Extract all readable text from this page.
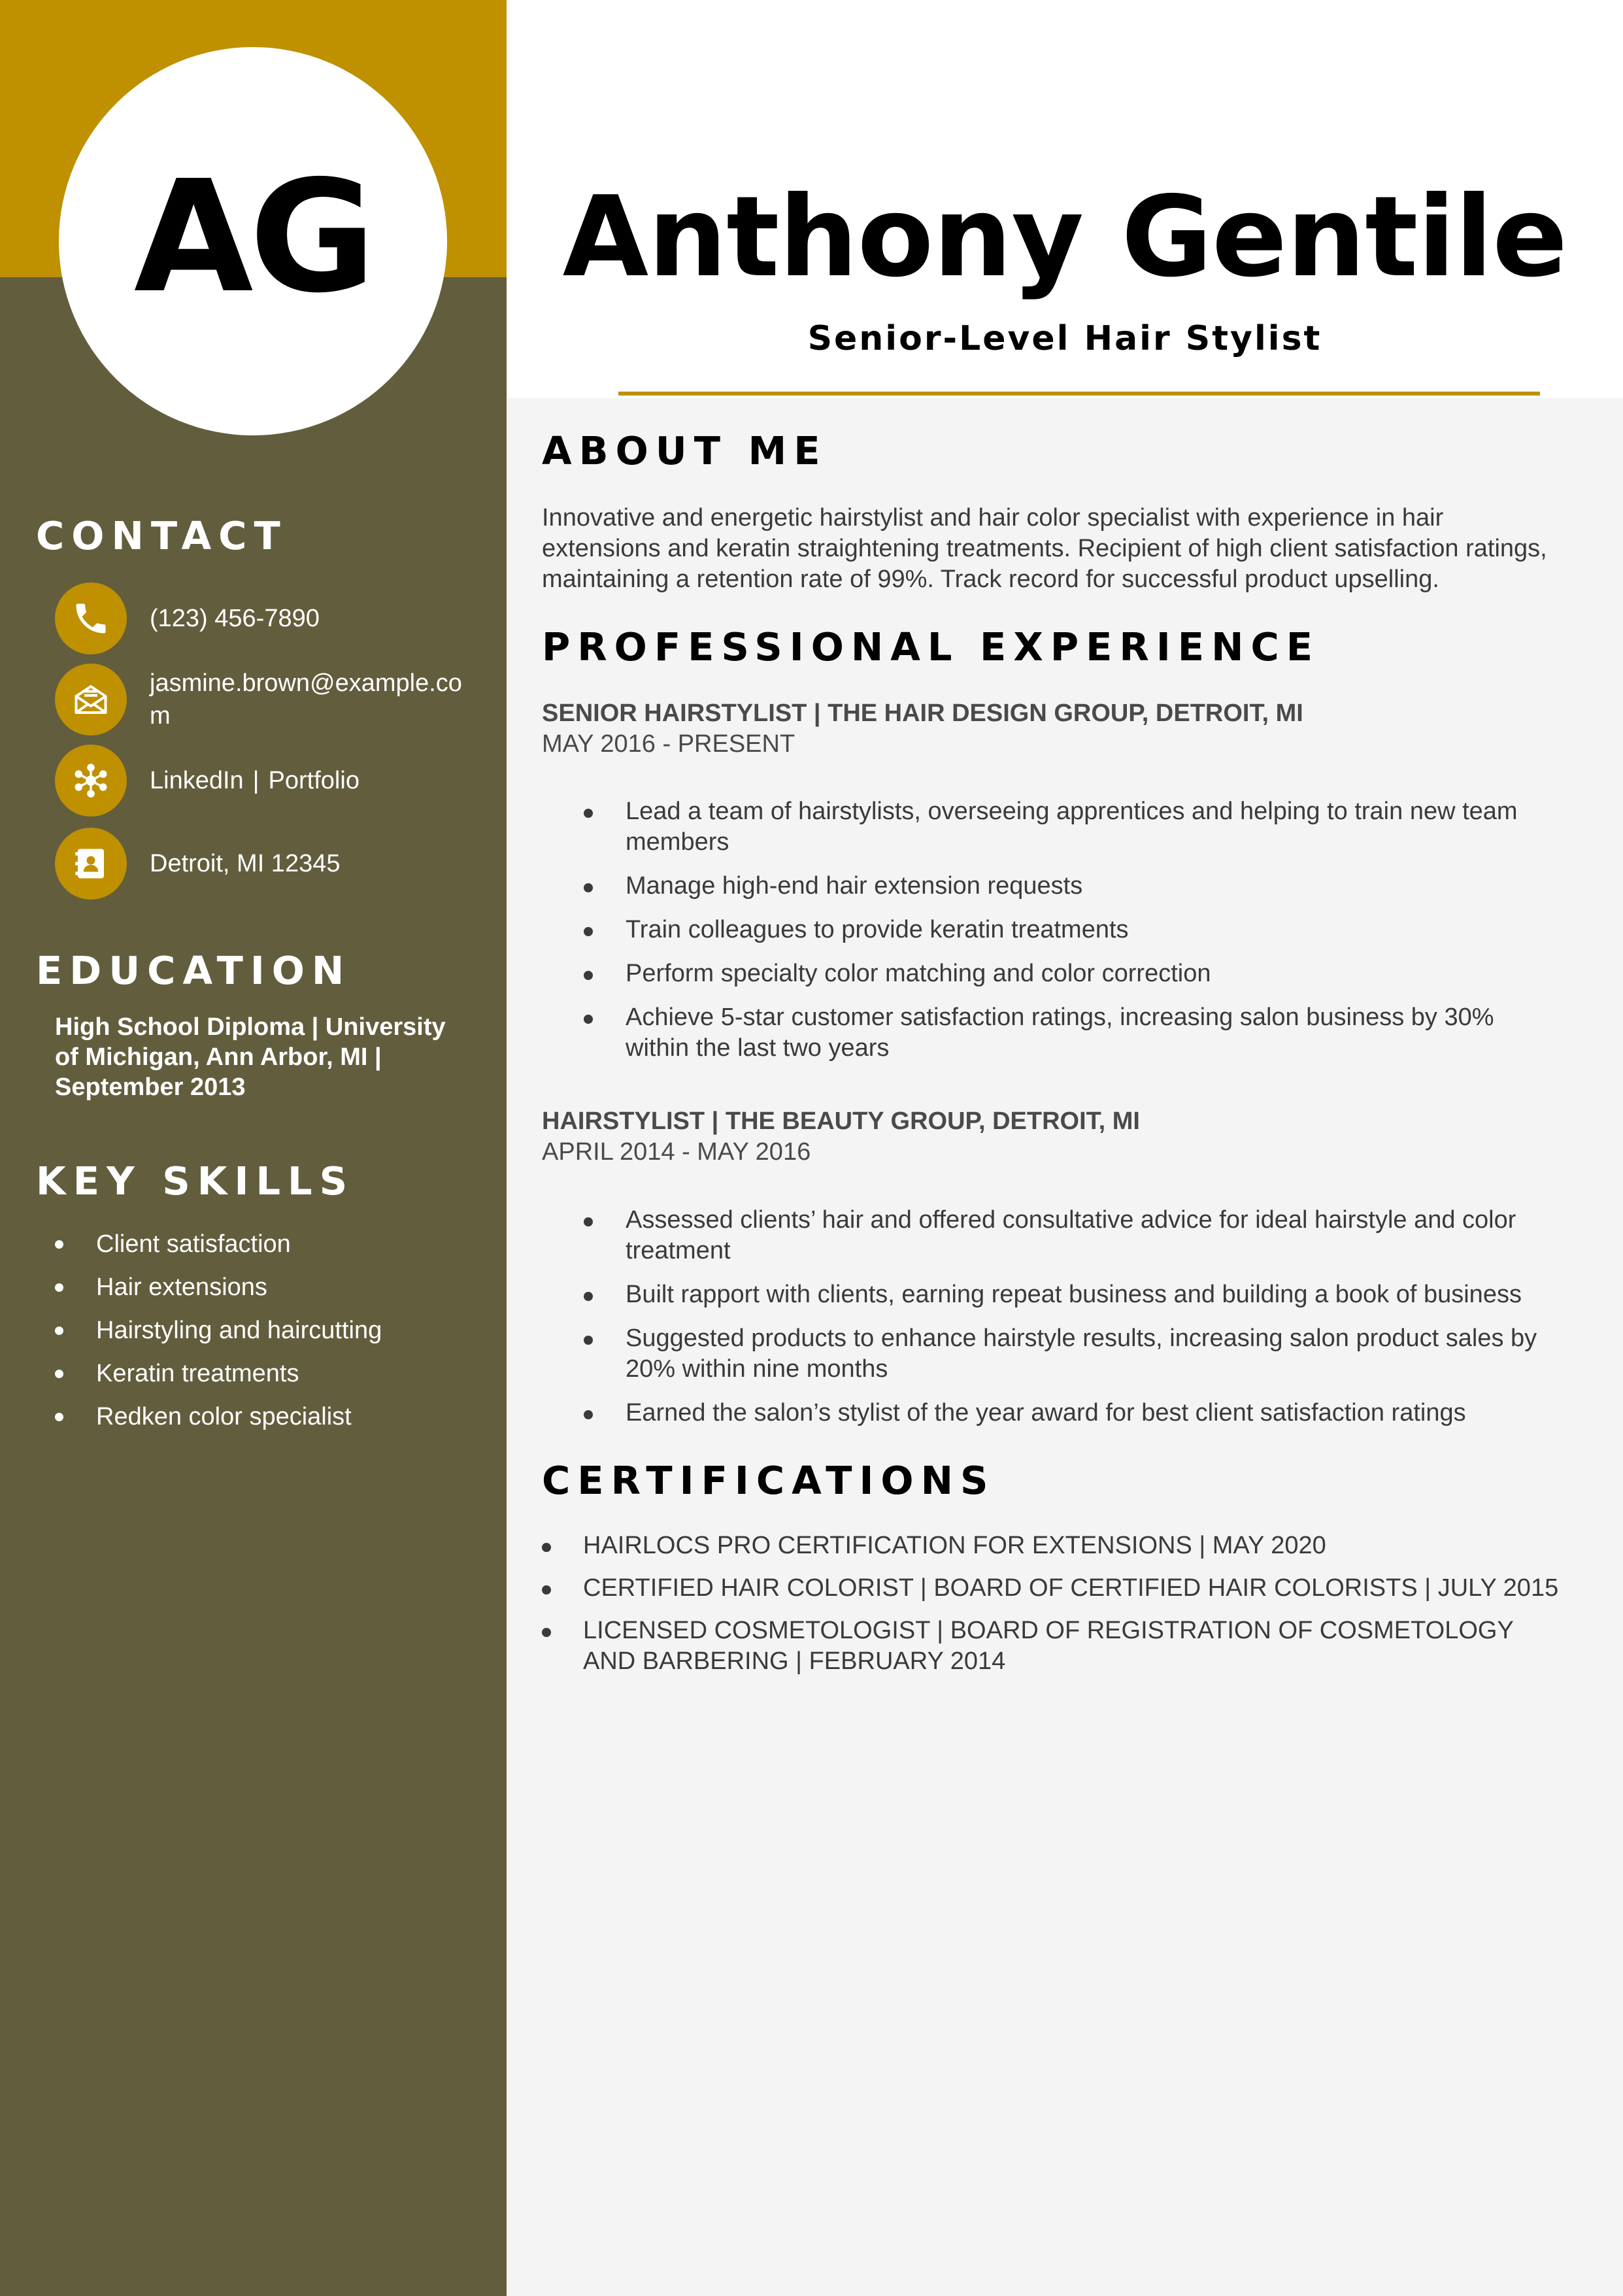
AG
CONTACT
(123) 456-7890
jasmine.brown@example.com
LinkedIn | Portfolio
Detroit, MI 12345
EDUCATION

High School Diploma | University of Michigan, Ann Arbor, MI | September 2013

KEY SKILLS
Client satisfaction
Hair extensions
Hairstyling and haircutting
Keratin treatments
Redken color specialist
Anthony Gentile
Senior-Level Hair Stylist
ABOUT ME

Innovative and energetic hairstylist and hair color specialist with experience in hair extensions and keratin straightening treatments. Recipient of high client satisfaction ratings, maintaining a retention rate of 99%. Track record for successful product upselling.

PROFESSIONAL EXPERIENCE
SENIOR HAIRSTYLIST | THE HAIR DESIGN GROUP, DETROIT, MI
MAY 2016 - PRESENT
Lead a team of hairstylists, overseeing apprentices and helping to train new team members
Manage high-end hair extension requests
Train colleagues to provide keratin treatments
Perform specialty color matching and color correction
Achieve 5-star customer satisfaction ratings, increasing salon business by 30% within the last two years
HAIRSTYLIST | THE BEAUTY GROUP, DETROIT, MI
APRIL 2014 - MAY 2016
Assessed clients’ hair and offered consultative advice for ideal hairstyle and color treatment
Built rapport with clients, earning repeat business and building a book of business
Suggested products to enhance hairstyle results, increasing salon product sales by 20% within nine months
Earned the salon’s stylist of the year award for best client satisfaction ratings
CERTIFICATIONS
HAIRLOCS PRO CERTIFICATION FOR EXTENSIONS | MAY 2020
CERTIFIED HAIR COLORIST | BOARD OF CERTIFIED HAIR COLORISTS | JULY 2015
LICENSED COSMETOLOGIST | BOARD OF REGISTRATION OF COSMETOLOGY AND BARBERING | FEBRUARY 2014
